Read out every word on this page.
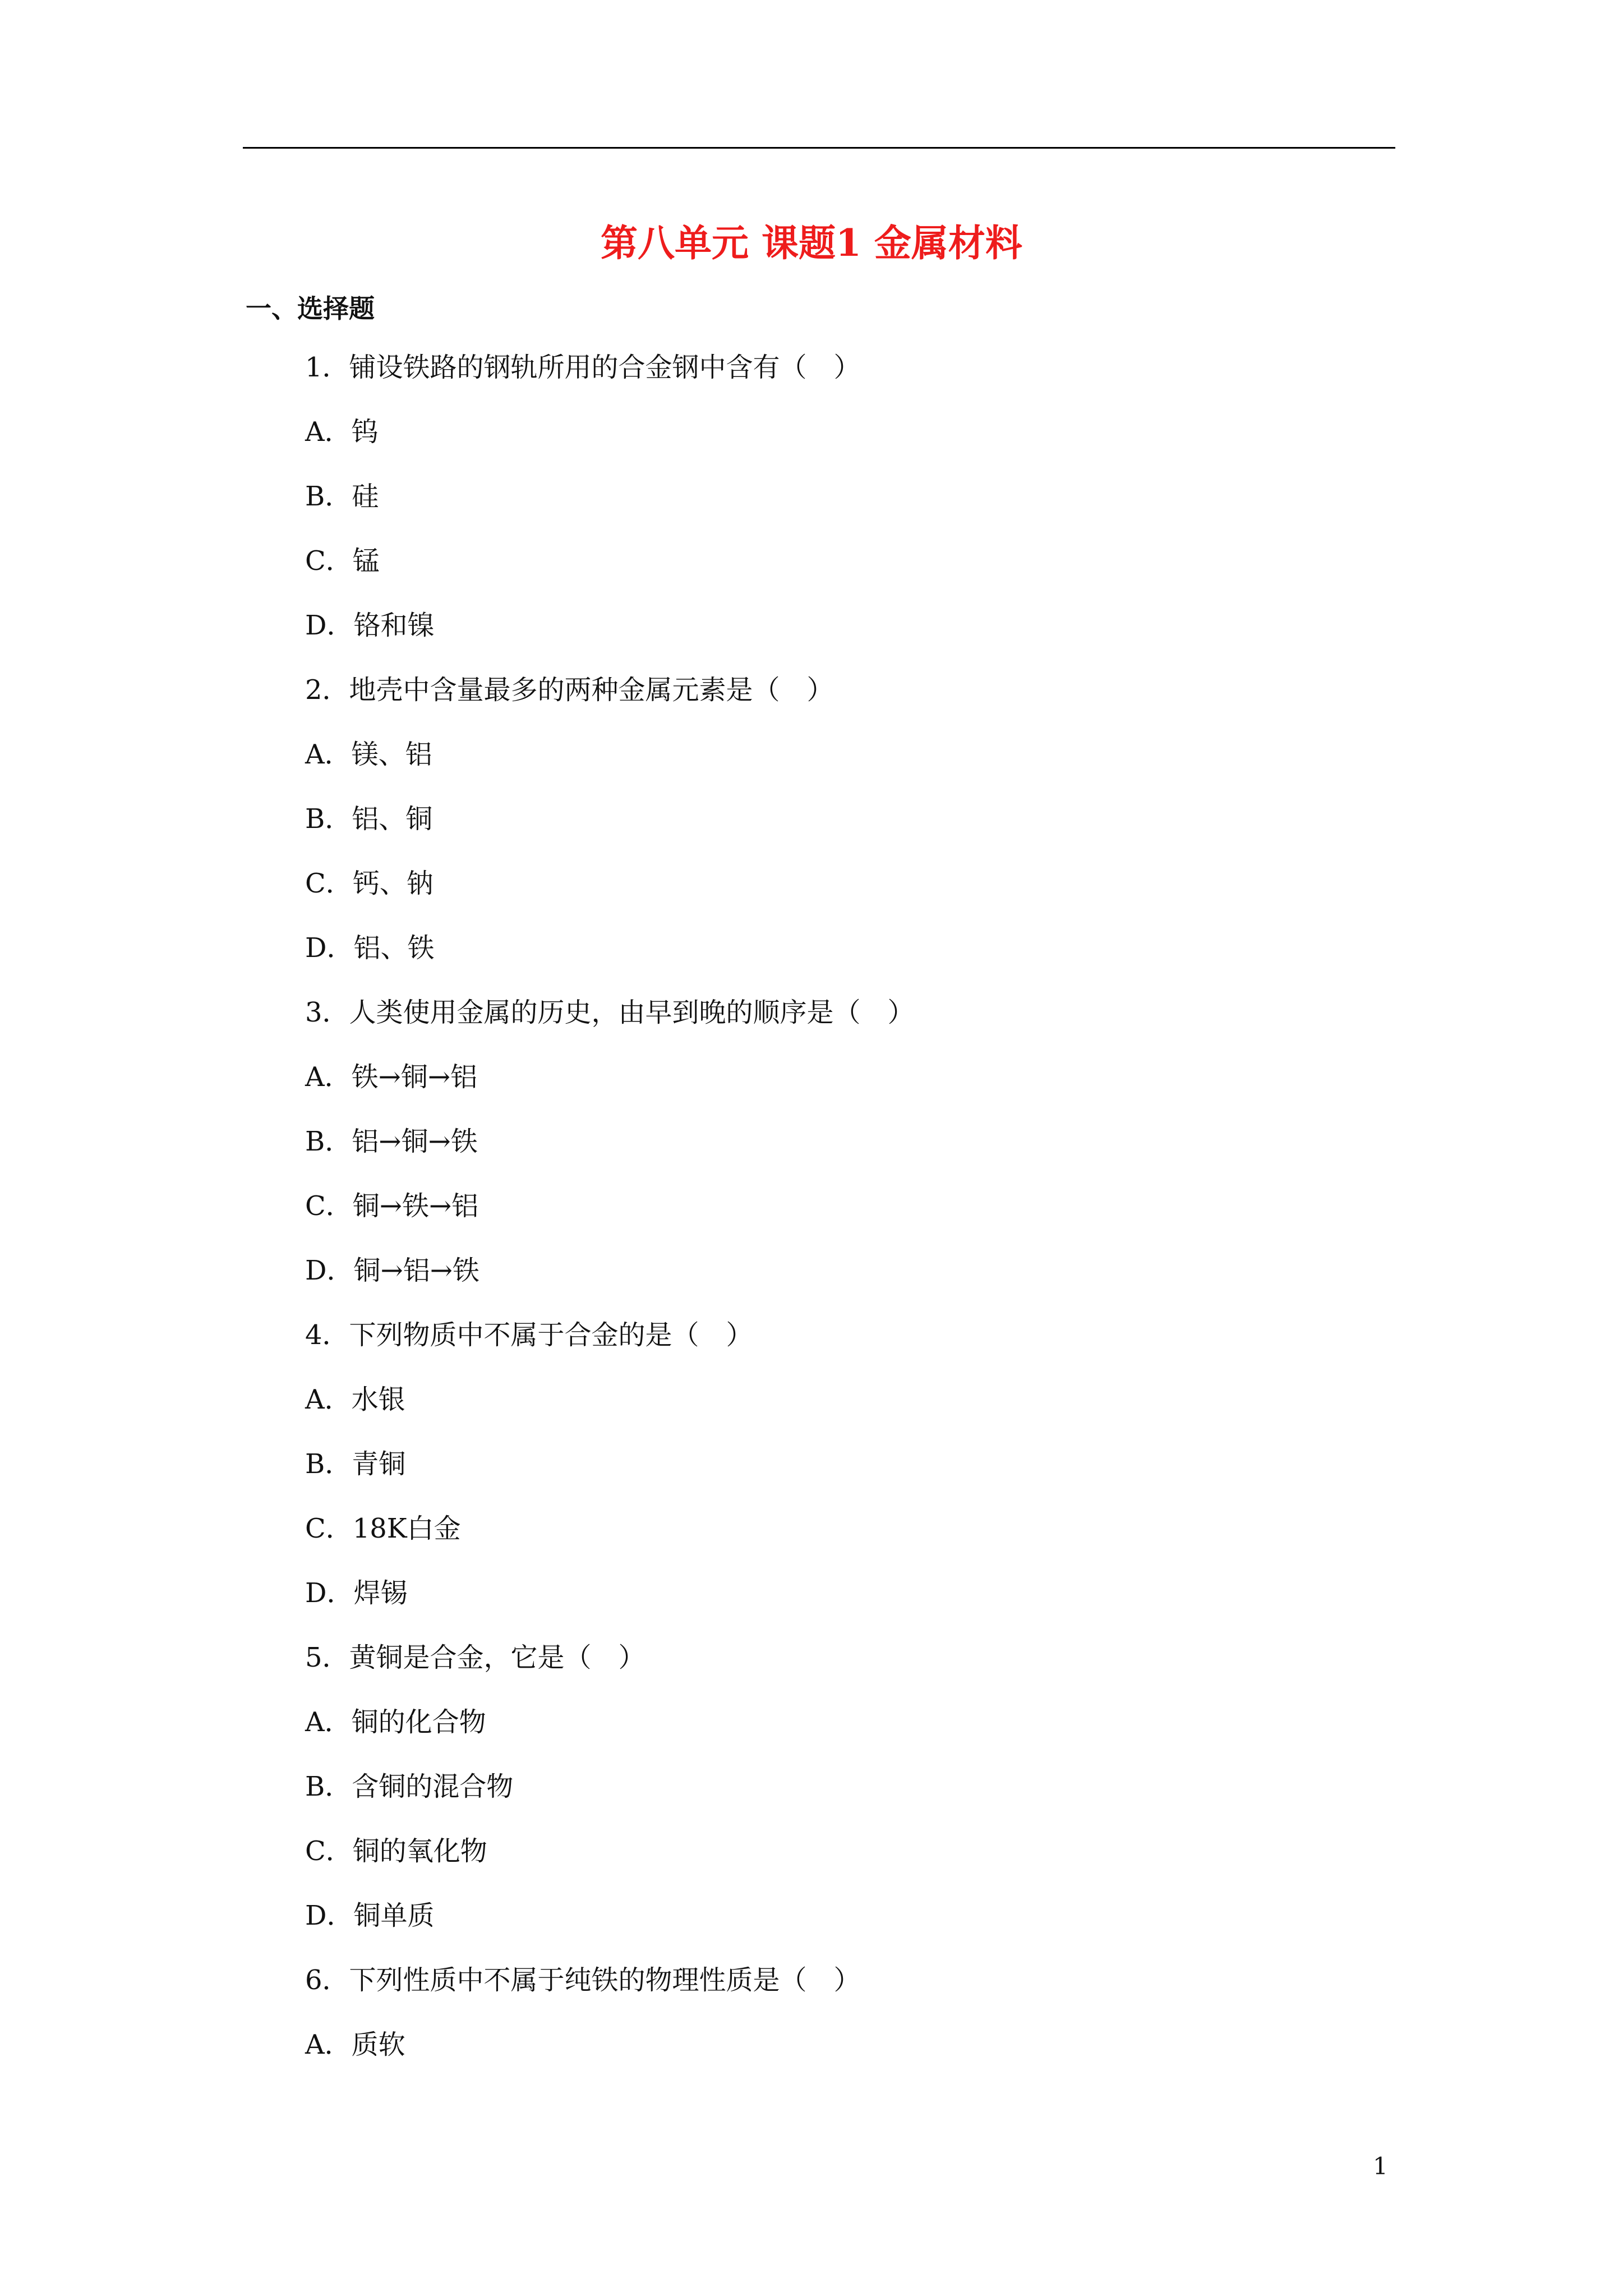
第八单元 课题1 金属材料
一、选择题
1．铺设铁路的钢轨所用的合金钢中含有（　）
A．钨
B．硅
C．锰
D．铬和镍
2．地壳中含量最多的两种金属元素是（　）
A．镁、铝
B．铝、铜
C．钙、钠
D．铝、铁
3．人类使用金属的历史，由早到晚的顺序是（　）
A．铁→铜→铝
B．铝→铜→铁
C．铜→铁→铝
D．铜→铝→铁
4．下列物质中不属于合金的是（　）
A．水银
B．青铜
C．18K白金
D．焊锡
5．黄铜是合金，它是（　）
A．铜的化合物
B．含铜的混合物
C．铜的氧化物
D．铜单质
6．下列性质中不属于纯铁的物理性质是（　）
A．质软
1
